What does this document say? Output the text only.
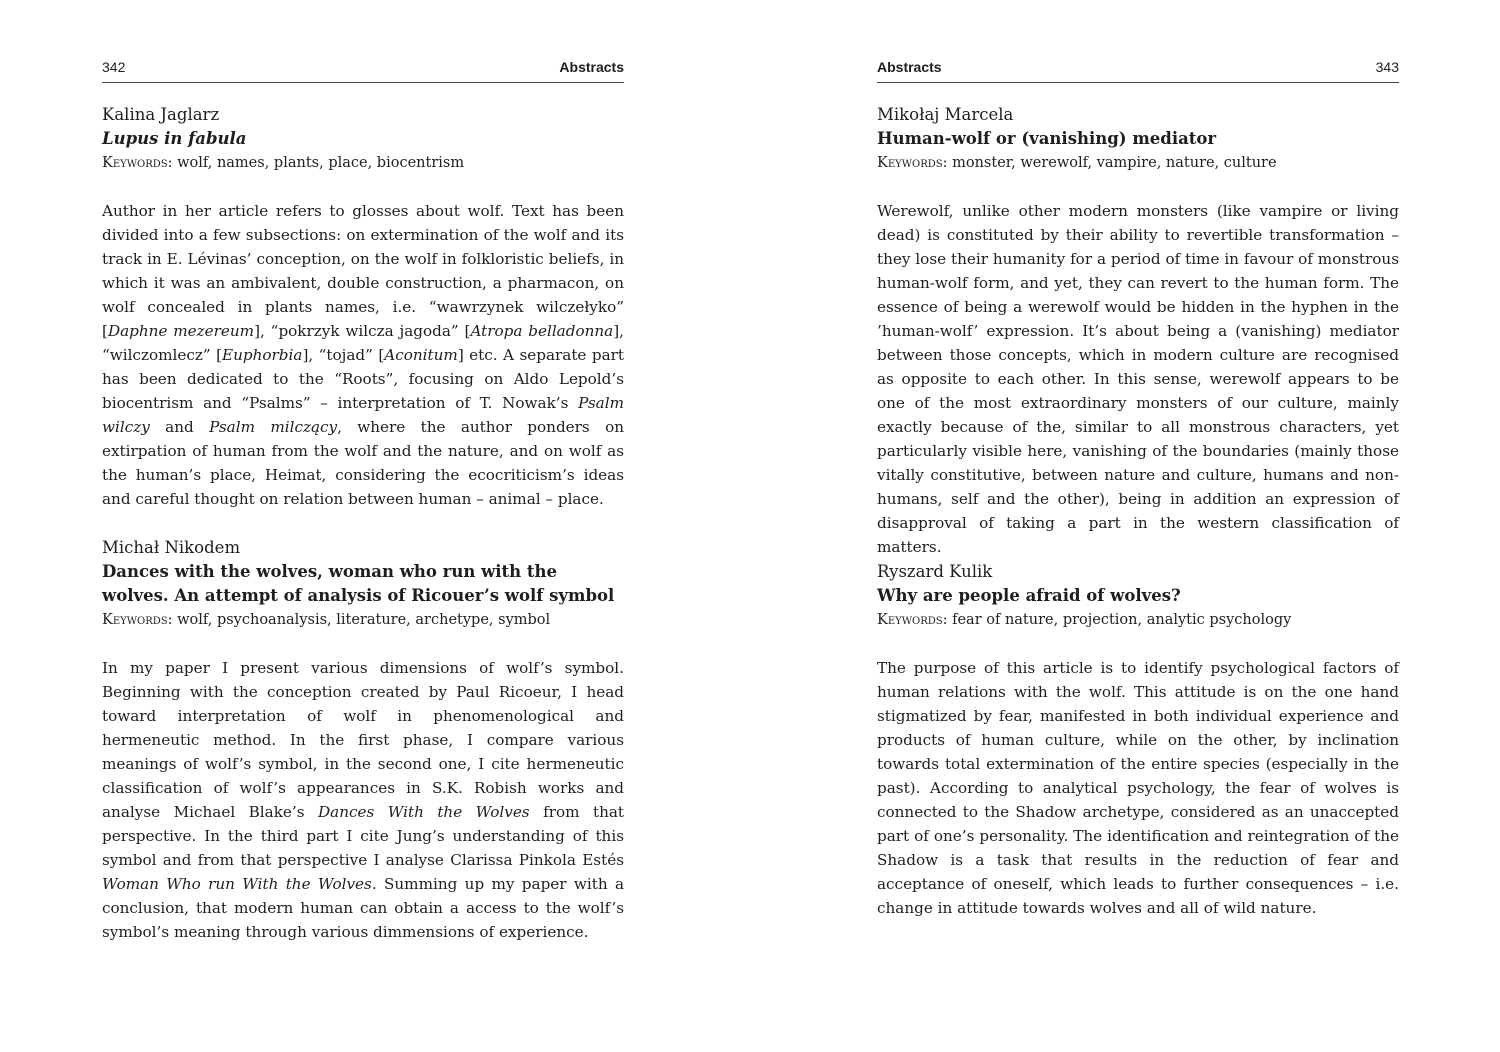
342	Abstracts
Kalina Jaglarz
Lupus in fabula
Keywords: wolf, names, plants, place, biocentrism
Author in her article refers to glosses about wolf. Text has been divided into a few subsections: on extermination of the wolf and its track in E. Lévinas’ conception, on the wolf in folkloristic beliefs, in which it was an ambivalent, double construction, a pharmacon, on wolf concealed in plants names, i.e. “wawrzynek wilczełyko” [Daphne mezereum], “pokrzyk wilcza jagoda” [Atropa belladonna], “wilczomlecz” [Euphorbia], “tojad” [Aconitum] etc. A separate part has been dedicated to the “Roots”, focusing on Aldo Lepold’s biocentrism and “Psalms” – interpretation of T. Nowak’s Psalm wilczy and Psalm milczący, where the author ponders on extirpation of human from the wolf and the nature, and on wolf as the human’s place, Heimat, considering the ecocriticism’s ideas and careful thought on relation between human – animal – place.
Michał Nikodem
Dances with the wolves, woman who run with the wolves. An attempt of analysis of Ricouer’s wolf symbol
Keywords: wolf, psychoanalysis, literature, archetype, symbol
In my paper I present various dimensions of wolf’s symbol. Beginning with the conception created by Paul Ricoeur, I head toward interpretation of wolf in phenomenological and hermeneutic method. In the first phase, I compare various meanings of wolf’s symbol, in the second one, I cite hermeneutic classification of wolf’s appearances in S.K. Robish works and analyse Michael Blake’s Dances With the Wolves from that perspective. In the third part I cite Jung’s understanding of this symbol and from that perspective I analyse Clarissa Pinkola Estés Woman Who run With the Wolves. Summing up my paper with a conclusion, that modern human can obtain a access to the wolf’s symbol’s meaning through various dimmensions of experience.
Abstracts	343
Mikołaj Marcela
Human-wolf or (vanishing) mediator
Keywords: monster, werewolf, vampire, nature, culture
Werewolf, unlike other modern monsters (like vampire or living dead) is constituted by their ability to revertible transformation – they lose their humanity for a period of time in favour of monstrous human-wolf form, and yet, they can revert to the human form. The essence of being a werewolf would be hidden in the hyphen in the ’human-wolf’ expression. It’s about being a (vanishing) mediator between those concepts, which in modern culture are recognised as opposite to each other. In this sense, werewolf appears to be one of the most extraordinary monsters of our culture, mainly exactly because of the, similar to all monstrous characters, yet particularly visible here, vanishing of the boundaries (mainly those vitally constitutive, between nature and culture, humans and non-humans, self and the other), being in addition an expression of disapproval of taking a part in the western classification of matters.
Ryszard Kulik
Why are people afraid of wolves?
Keywords: fear of nature, projection, analytic psychology
The purpose of this article is to identify psychological factors of human relations with the wolf. This attitude is on the one hand stigmatized by fear, manifested in both individual experience and products of human culture, while on the other, by inclination towards total extermination of the entire species (especially in the past). According to analytical psychology, the fear of wolves is connected to the Shadow archetype, considered as an unaccepted part of one’s personality. The identification and reintegration of the Shadow is a task that results in the reduction of fear and acceptance of oneself, which leads to further consequences – i.e. change in attitude towards wolves and all of wild nature.
